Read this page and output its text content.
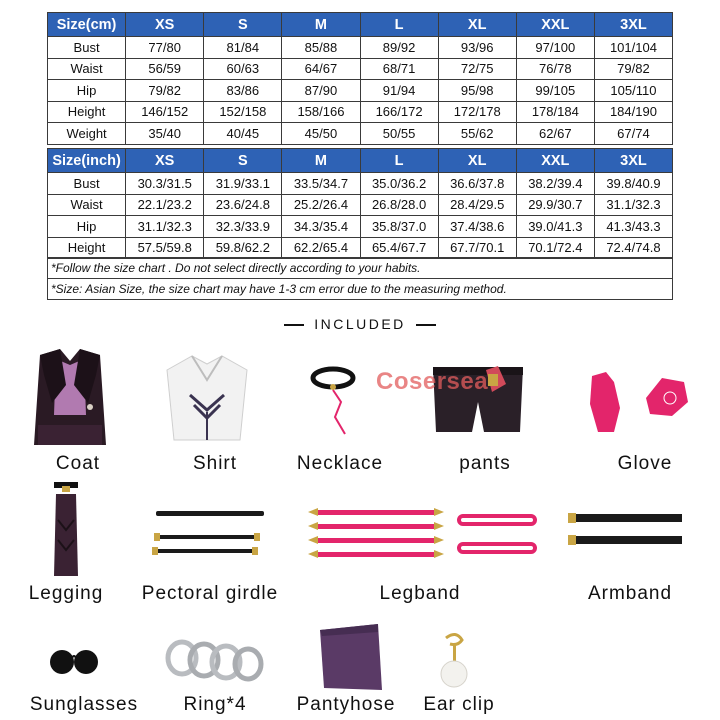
Size(cm)	XS	S	M	L	XL	XXL	3XL
Bust	77/80	81/84	85/88	89/92	93/96	97/100	101/104
Waist	56/59	60/63	64/67	68/71	72/75	76/78	79/82
Hip	79/82	83/86	87/90	91/94	95/98	99/105	105/110
Height	146/152	152/158	158/166	166/172	172/178	178/184	184/190
Weight	35/40	40/45	45/50	50/55	55/62	62/67	67/74
Size(inch)	XS	S	M	L	XL	XXL	3XL
Bust	30.3/31.5	31.9/33.1	33.5/34.7	35.0/36.2	36.6/37.8	38.2/39.4	39.8/40.9
Waist	22.1/23.2	23.6/24.8	25.2/26.4	26.8/28.0	28.4/29.5	29.9/30.7	31.1/32.3
Hip	31.1/32.3	32.3/33.9	34.3/35.4	35.8/37.0	37.4/38.6	39.0/41.3	41.3/43.3
Height	57.5/59.8	59.8/62.2	62.2/65.4	65.4/67.7	67.7/70.1	70.1/72.4	72.4/74.8
*Follow the size chart . Do not select directly according to your habits.
*Size: Asian Size, the size chart may have 1-3 cm error due to the measuring method.
INCLUDED
Coat	Shirt	Necklace
Cosersea
pants	Glove
Legging	Pectoral girdle	Legband	Armband
Sunglasses	Ring*4	Pantyhose	Ear clip
